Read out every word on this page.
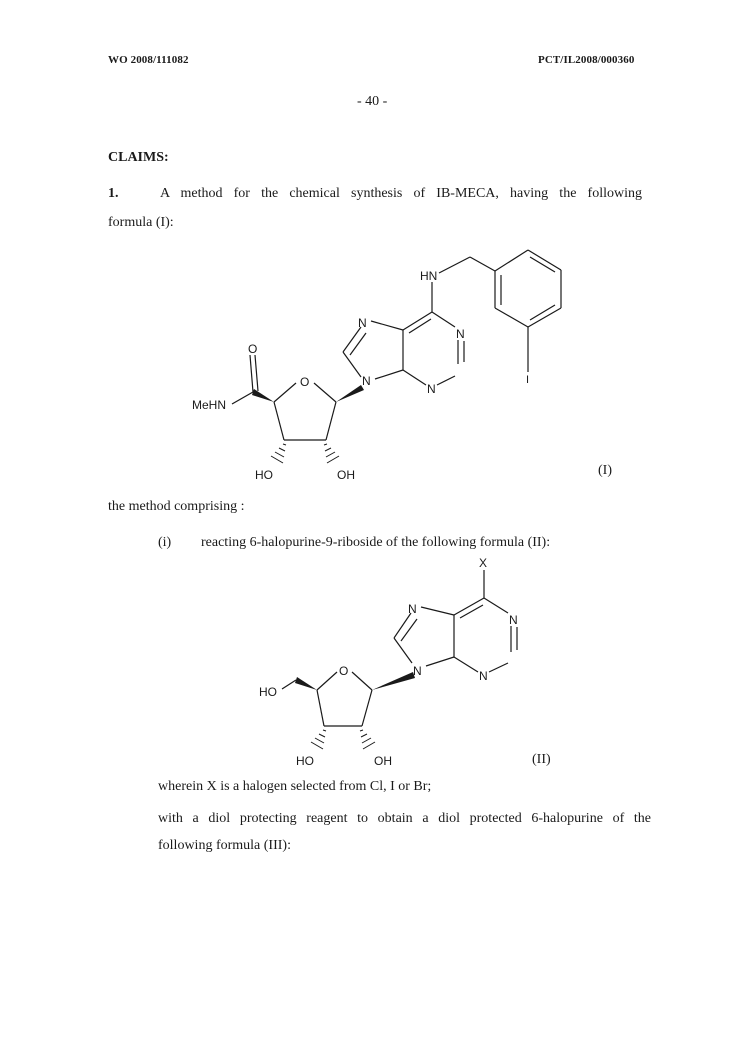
WO 2008/111082	PCT/IL2008/000360
- 40 -
CLAIMS:
1.	A method for the chemical synthesis of IB-MECA, having the following
formula (I):
(I)
the method comprising :
(i) reacting 6-halopurine-9-riboside of the following formula (II):
(II)
wherein X is a halogen selected from Cl, I or Br;
with a diol protecting reagent to obtain a diol protected 6-halopurine of the
following formula (III):
HN
N
N
N
N
O
O
MeHN
HO	OH
I
X
N
N
N
N
O
HO
HO	OH
